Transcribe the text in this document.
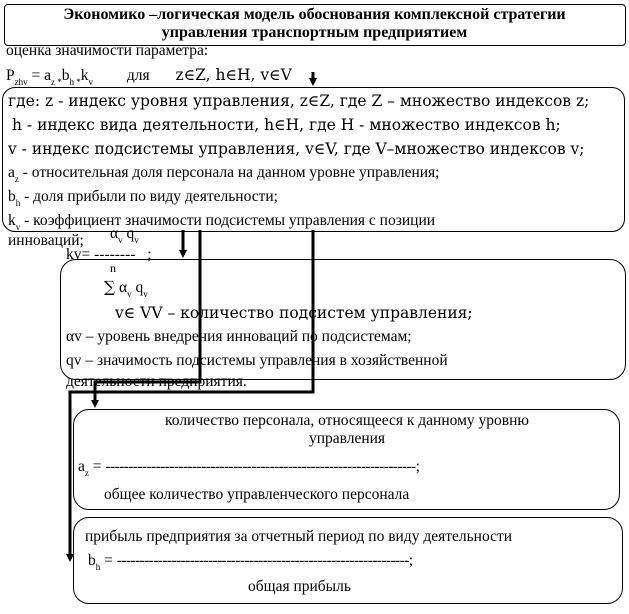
Экономико –логическая модель обоснования комплексной стратегии
управления транспортным предприятием
оценка значимости параметра:
$P_{zhv} = a_{z *}b_{h *}k_v$ для z∈Z, h∈H, v∈V
где: z - индекс уровня управления, z∈Z, где Z – множество индексов z;
h - индекс вида деятельности, h∈H, где H - множество индексов h;
v - индекс подсистемы управления, v∈V, где V–множество индексов v;
$a_z$ - относительная доля персонала на данном уровне управления;
$b_h$ - доля прибыли по виду деятельности;
$k_v$ - коэффициент значимости подсистемы управления с позиции
инноваций;	$\alpha_v$ $q_v$
kv= -------- ;
n
∑ $\alpha_v$ $q_v$
v∈ VV – количество подсистем управления;
αv – уровень внедрения инноваций по подсистемам;
qv – значимость подсистемы управления в хозяйственной
деятельности предприятия.
количество персонала, относящееся к данному уровню
управления
$a_z$ = --------------------------------------------------------------------;
общее количество управленческого персонала
прибыль предприятия за отчетный период по виду деятельности
$b_h$ = ----------------------------------------------------------------;
общая прибыль
